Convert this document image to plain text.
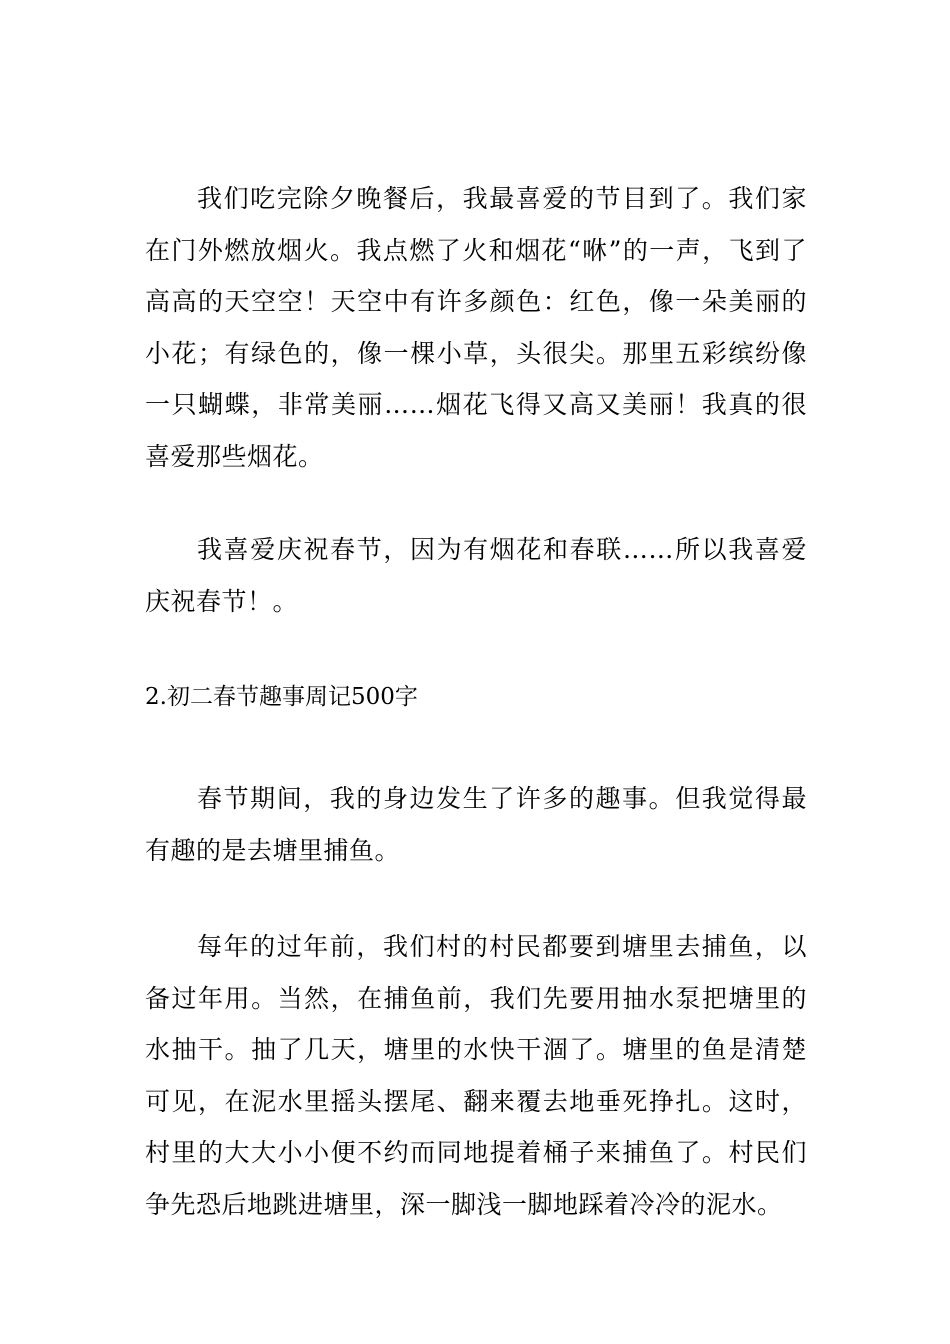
我们吃完除夕晚餐后，我最喜爱的节目到了。我们家在门外燃放烟火。我点燃了火和烟花“咻”的一声，飞到了高高的天空空！天空中有许多颜色：红色，像一朵美丽的小花；有绿色的，像一棵小草，头很尖。那里五彩缤纷像一只蝴蝶，非常美丽……烟花飞得又高又美丽！我真的很喜爱那些烟花。

我喜爱庆祝春节，因为有烟花和春联……所以我喜爱庆祝春节！。

2.初二春节趣事周记500字

春节期间，我的身边发生了许多的趣事。但我觉得最有趣的是去塘里捕鱼。

每年的过年前，我们村的村民都要到塘里去捕鱼，以备过年用。当然，在捕鱼前，我们先要用抽水泵把塘里的水抽干。抽了几天，塘里的水快干涸了。塘里的鱼是清楚可见，在泥水里摇头摆尾、翻来覆去地垂死挣扎。这时，村里的大大小小便不约而同地提着桶子来捕鱼了。村民们争先恐后地跳进塘里，深一脚浅一脚地踩着冷冷的泥水。
